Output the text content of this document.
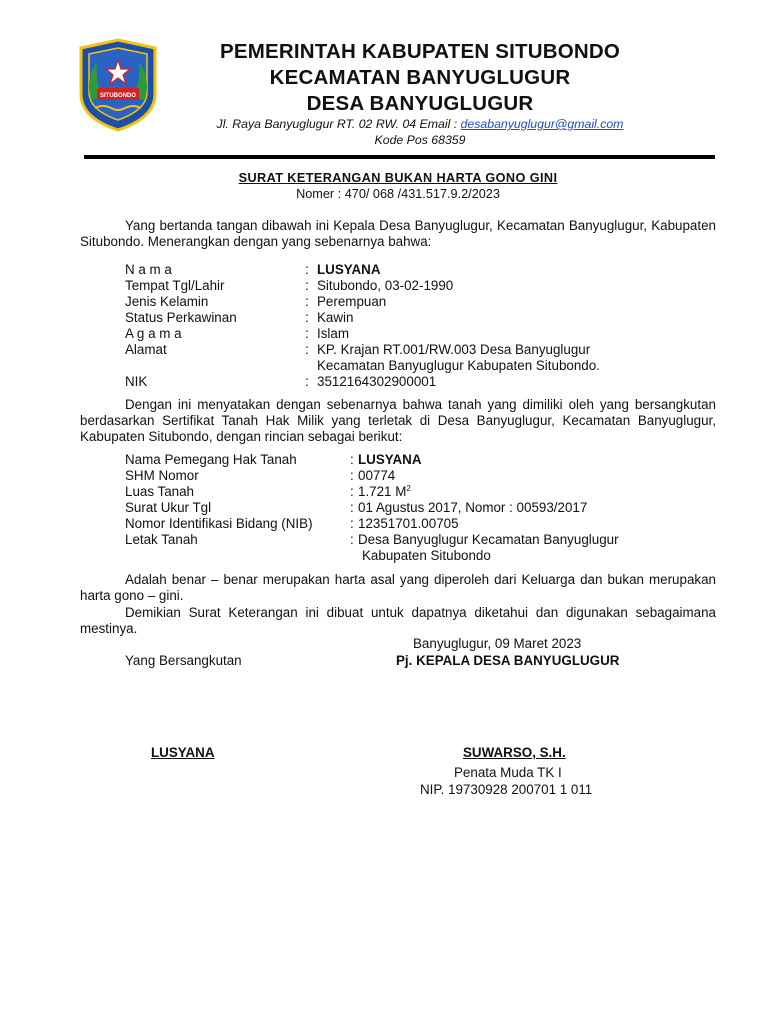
SITUBONDO
PEMERINTAH KABUPATEN SITUBONDO
KECAMATAN BANYUGLUGUR
DESA BANYUGLUGUR
Jl. Raya Banyuglugur RT. 02 RW. 04 Email : desabanyuglugur@gmail.com
Kode Pos 68359
SURAT KETERANGAN BUKAN HARTA GONO GINI
Nomer : 470/ 068 /431.517.9.2/2023
Yang bertanda tangan dibawah ini Kepala Desa Banyuglugur, Kecamatan Banyuglugur, Kabupaten Situbondo. Menerangkan dengan yang sebenarnya bahwa:
N a m a	: LUSYANA
Tempat Tgl/Lahir	: Situbondo, 03-02-1990
Jenis Kelamin	: Perempuan
Status Perkawinan	: Kawin
A g a m a	: Islam
Alamat	: KP. Krajan RT.001/RW.003 Desa Banyuglugur
Kecamatan Banyuglugur Kabupaten Situbondo.
NIK	: 3512164302900001
Dengan ini menyatakan dengan sebenarnya bahwa tanah yang dimiliki oleh yang bersangkutan berdasarkan Sertifikat Tanah Hak Milik yang terletak di Desa Banyuglugur, Kecamatan Banyuglugur, Kabupaten Situbondo, dengan rincian sebagai berikut:
Nama Pemegang Hak Tanah	: LUSYANA
SHM Nomor	: 00774
Luas Tanah	: 1.721 $M^2$
Surat Ukur Tgl	: 01 Agustus 2017, Nomor : 00593/2017
Nomor Identifikasi Bidang (NIB)	: 12351701.00705
Letak Tanah	: Desa Banyuglugur Kecamatan Banyuglugur
Kabupaten Situbondo
Adalah benar – benar merupakan harta asal yang diperoleh dari Keluarga dan bukan merupakan harta gono – gini.
Demikian Surat Keterangan ini dibuat untuk dapatnya diketahui dan digunakan sebagaimana mestinya.
Banyuglugur, 09 Maret 2023
Yang Bersangkutan	Pj. KEPALA DESA BANYUGLUGUR
LUSYANA	SUWARSO, S.H.
Penata Muda TK I
NIP. 19730928 200701 1 011
